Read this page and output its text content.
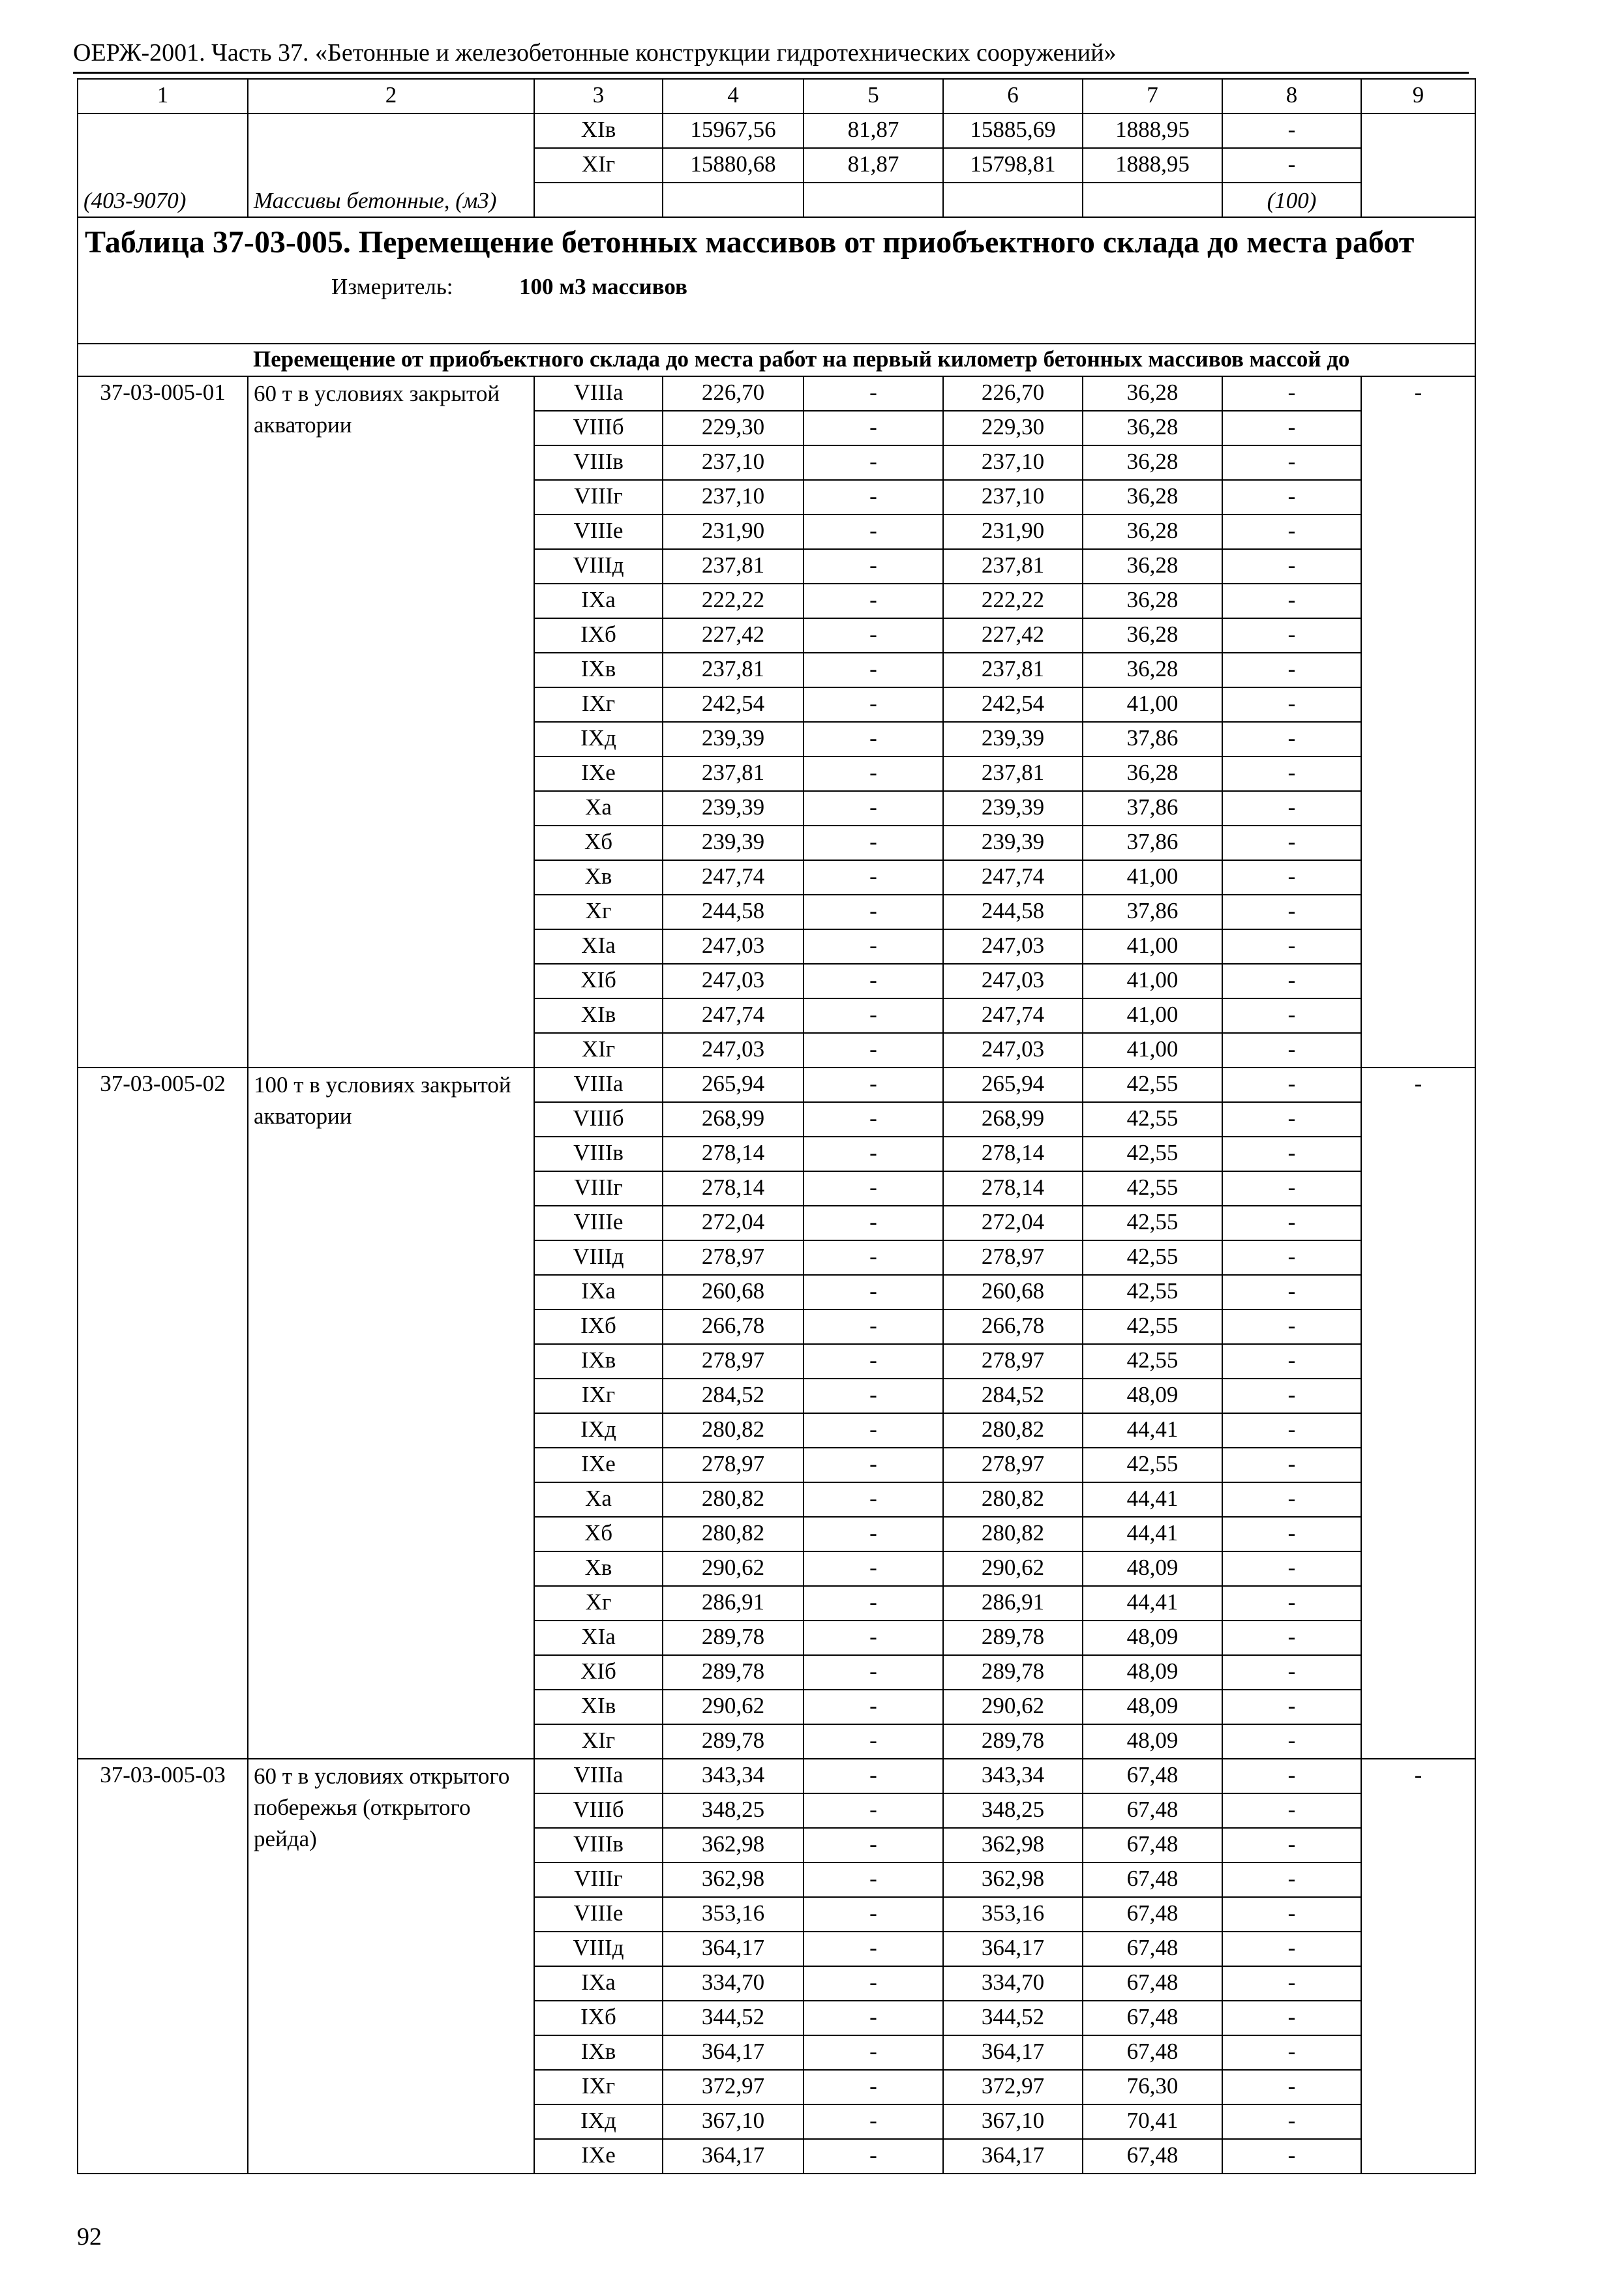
ОЕРЖ-2001. Часть 37. «Бетонные и железобетонные конструкции гидротехнических сооружений»
1	2	3	4	5	6	7	8	9
(403-9070)	Массивы бетонные, (м3)	XIв	15967,56	81,87	15885,69	1888,95	-	
		XIг	15880,68	81,87	15798,81	1888,95	-	
							(100)	

Таблица 37-03-005. Перемещение бетонных массивов от приобъектного склада до места работ
Измеритель: 100 м3 массивов								

	Перемещение от приобъектного склада до места работ на первый километр бетонных массивов массой до							
37-03-005-01	60 т в условиях закрытой акватории	VIIIа	226,70	-	226,70	36,28	-	-
		VIIIб	229,30	-	229,30	36,28	-	
		VIIIв	237,10	-	237,10	36,28	-	
		VIIIг	237,10	-	237,10	36,28	-	
		VIIIе	231,90	-	231,90	36,28	-	
		VIIIд	237,81	-	237,81	36,28	-	
		IXа	222,22	-	222,22	36,28	-	
		IXб	227,42	-	227,42	36,28	-	
		IXв	237,81	-	237,81	36,28	-	
		IXг	242,54	-	242,54	41,00	-	
		IXд	239,39	-	239,39	37,86	-	
		IXе	237,81	-	237,81	36,28	-	
		Xа	239,39	-	239,39	37,86	-	
		Xб	239,39	-	239,39	37,86	-	
		Xв	247,74	-	247,74	41,00	-	
		Xг	244,58	-	244,58	37,86	-	
		XIа	247,03	-	247,03	41,00	-	
		XIб	247,03	-	247,03	41,00	-	
		XIв	247,74	-	247,74	41,00	-	
		XIг	247,03	-	247,03	41,00	-	
37-03-005-02	100 т в условиях закрытой акватории	VIIIа	265,94	-	265,94	42,55	-	-
		VIIIб	268,99	-	268,99	42,55	-	
		VIIIв	278,14	-	278,14	42,55	-	
		VIIIг	278,14	-	278,14	42,55	-	
		VIIIе	272,04	-	272,04	42,55	-	
		VIIIд	278,97	-	278,97	42,55	-	
		IXа	260,68	-	260,68	42,55	-	
		IXб	266,78	-	266,78	42,55	-	
		IXв	278,97	-	278,97	42,55	-	
		IXг	284,52	-	284,52	48,09	-	
		IXд	280,82	-	280,82	44,41	-	
		IXе	278,97	-	278,97	42,55	-	
		Xа	280,82	-	280,82	44,41	-	
		Xб	280,82	-	280,82	44,41	-	
		Xв	290,62	-	290,62	48,09	-	
		Xг	286,91	-	286,91	44,41	-	
		XIа	289,78	-	289,78	48,09	-	
		XIб	289,78	-	289,78	48,09	-	
		XIв	290,62	-	290,62	48,09	-	
		XIг	289,78	-	289,78	48,09	-	
37-03-005-03	60 т в условиях открытого побережья (открытого рейда)	VIIIа	343,34	-	343,34	67,48	-	-
		VIIIб	348,25	-	348,25	67,48	-	
		VIIIв	362,98	-	362,98	67,48	-	
		VIIIг	362,98	-	362,98	67,48	-	
		VIIIе	353,16	-	353,16	67,48	-	
		VIIIд	364,17	-	364,17	67,48	-	
		IXа	334,70	-	334,70	67,48	-	
		IXб	344,52	-	344,52	67,48	-	
		IXв	364,17	-	364,17	67,48	-	
		IXг	372,97	-	372,97	76,30	-	
		IXд	367,10	-	367,10	70,41	-	
		IXе	364,17	-	364,17	67,48	-	
92
